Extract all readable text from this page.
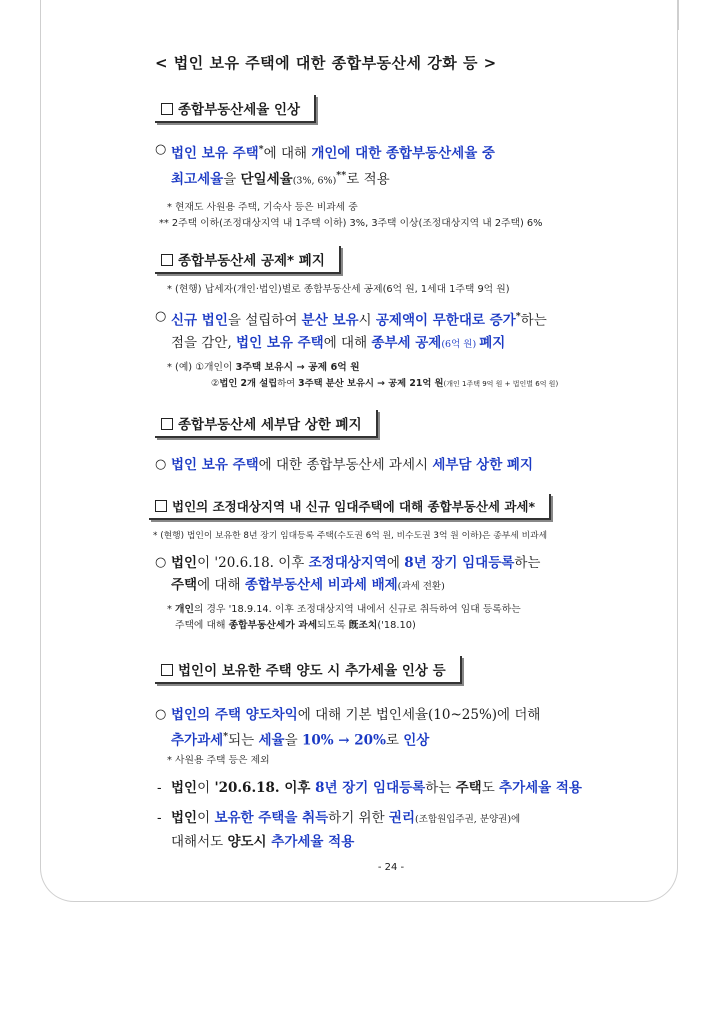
< 법인 보유 주택에 대한 종합부동산세 강화 등 >
종합부동산세율 인상
○ 법인 보유 주택*에 대해 개인에 대한 종합부동산세율 중
최고세율을 단일세율(3%, 6%)**로 적용
* 현재도 사원용 주택, 기숙사 등은 비과세 중
** 2주택 이하(조정대상지역 내 1주택 이하) 3%, 3주택 이상(조정대상지역 내 2주택) 6%
종합부동산세 공제* 폐지
* (현행) 납세자(개인·법인)별로 종합부동산세 공제(6억 원, 1세대 1주택 9억 원)
○ 신규 법인을 설립하여 분산 보유시 공제액이 무한대로 증가*하는
점을 감안, 법인 보유 주택에 대해 종부세 공제(6억 원) 폐지
* (예) ①개인이 3주택 보유시 → 공제 6억 원
②법인 2개 설립하여 3주택 분산 보유시 → 공제 21억 원(개인 1주택 9억 원 + 법인별 6억 원)
종합부동산세 세부담 상한 폐지
○ 법인 보유 주택에 대한 종합부동산세 과세시 세부담 상한 폐지
법인의 조정대상지역 내 신규 임대주택에 대해 종합부동산세 과세*
* (현행) 법인이 보유한 8년 장기 임대등록 주택(수도권 6억 원, 비수도권 3억 원 이하)은 종부세 비과세
○ 법인이 '20.6.18. 이후 조정대상지역에 8년 장기 임대등록하는
주택에 대해 종합부동산세 비과세 배제(과세 전환)
* 개인의 경우 '18.9.14. 이후 조정대상지역 내에서 신규로 취득하여 임대 등록하는
주택에 대해 종합부동산세가 과세되도록 旣조치('18.10)
법인이 보유한 주택 양도 시 추가세율 인상 등
○ 법인의 주택 양도차익에 대해 기본 법인세율(10~25%)에 더해
추가과세*되는 세율을 10% → 20%로 인상
* 사원용 주택 등은 제외
- 법인이 '20.6.18. 이후 8년 장기 임대등록하는 주택도 추가세율 적용
- 법인이 보유한 주택을 취득하기 위한 권리(조합원입주권, 분양권)에
대해서도 양도시 추가세율 적용
- 24 -
